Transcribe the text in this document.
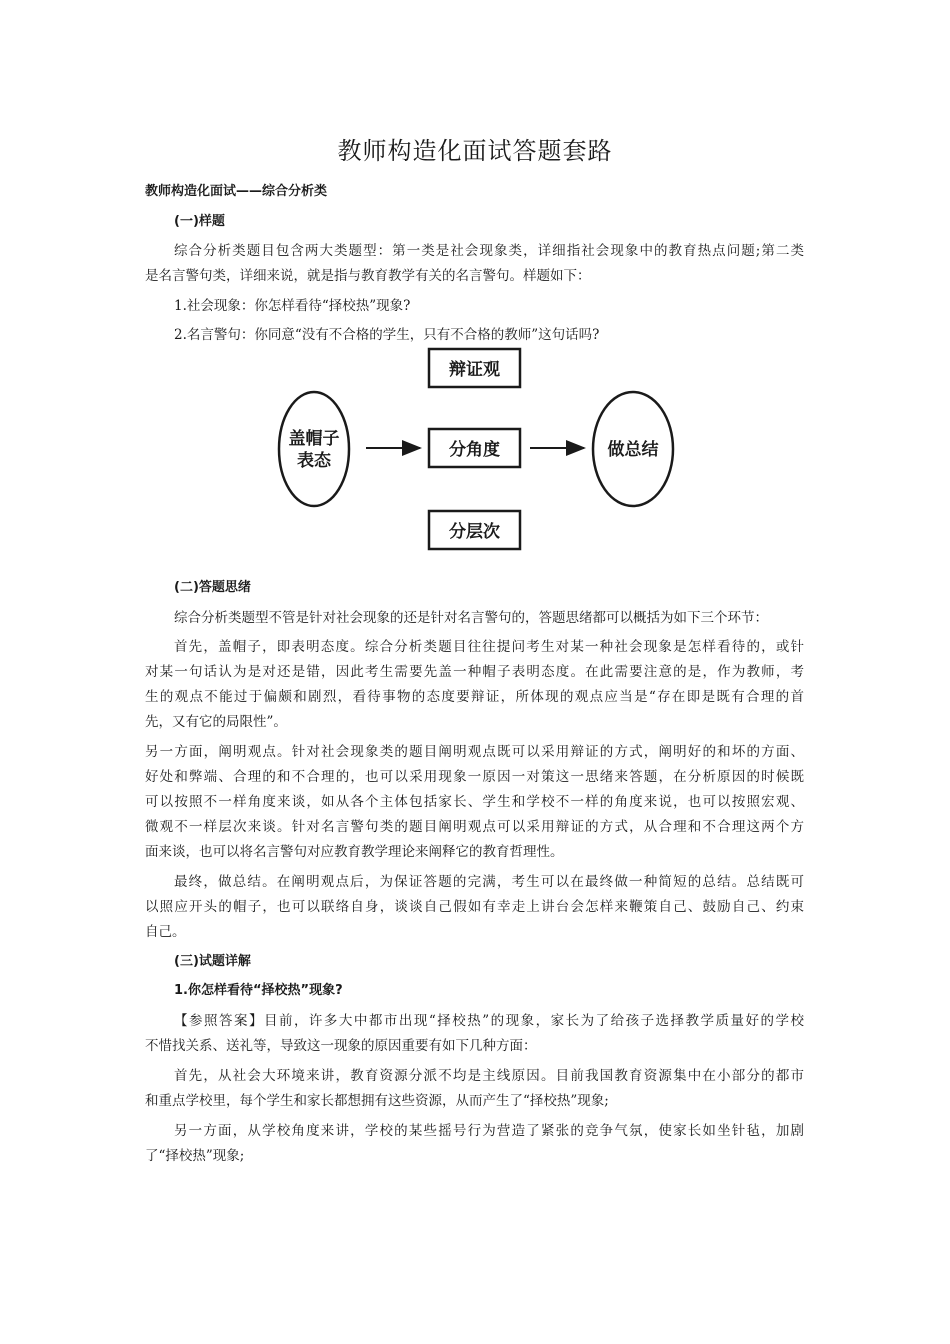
教师构造化面试答题套路
教师构造化面试——综合分析类
(一)样题
综合分析类题目包含两大类题型：第一类是社会现象类，详细指社会现象中的教育热点问题;第二类
是名言警句类，详细来说，就是指与教育教学有关的名言警句。样题如下：
1.社会现象：你怎样看待“择校热”现象?
2.名言警句：你同意“没有不合格的学生，只有不合格的教师”这句话吗?
辩证观
盖帽子
表态
分角度	做总结
分层次
(二)答题思绪
综合分析类题型不管是针对社会现象的还是针对名言警句的，答题思绪都可以概括为如下三个环节：
首先，盖帽子，即表明态度。综合分析类题目往往提问考生对某一种社会现象是怎样看待的，或针
对某一句话认为是对还是错，因此考生需要先盖一种帽子表明态度。在此需要注意的是，作为教师，考
生的观点不能过于偏颇和剧烈，看待事物的态度要辩证，所体现的观点应当是“存在即是既有合理的首
先，又有它的局限性”。
另一方面，阐明观点。针对社会现象类的题目阐明观点既可以采用辩证的方式，阐明好的和坏的方面、
好处和弊端、合理的和不合理的，也可以采用现象一原因一对策这一思绪来答题，在分析原因的时候既
可以按照不一样角度来谈，如从各个主体包括家长、学生和学校不一样的角度来说，也可以按照宏观、
微观不一样层次来谈。针对名言警句类的题目阐明观点可以采用辩证的方式，从合理和不合理这两个方
面来谈，也可以将名言警句对应教育教学理论来阐释它的教育哲理性。
最终，做总结。在阐明观点后，为保证答题的完满，考生可以在最终做一种简短的总结。总结既可
以照应开头的帽子，也可以联络自身，谈谈自己假如有幸走上讲台会怎样来鞭策自己、鼓励自己、约束
自己。
(三)试题详解
1.你怎样看待“择校热”现象?
【参照答案】目前，许多大中都市出现“择校热”的现象，家长为了给孩子选择教学质量好的学校
不惜找关系、送礼等，导致这一现象的原因重要有如下几种方面：
首先，从社会大环境来讲，教育资源分派不均是主线原因。目前我国教育资源集中在小部分的都市
和重点学校里，每个学生和家长都想拥有这些资源，从而产生了“择校热”现象;
另一方面，从学校角度来讲，学校的某些摇号行为营造了紧张的竞争气氛，使家长如坐针毡，加剧
了“择校热”现象;
